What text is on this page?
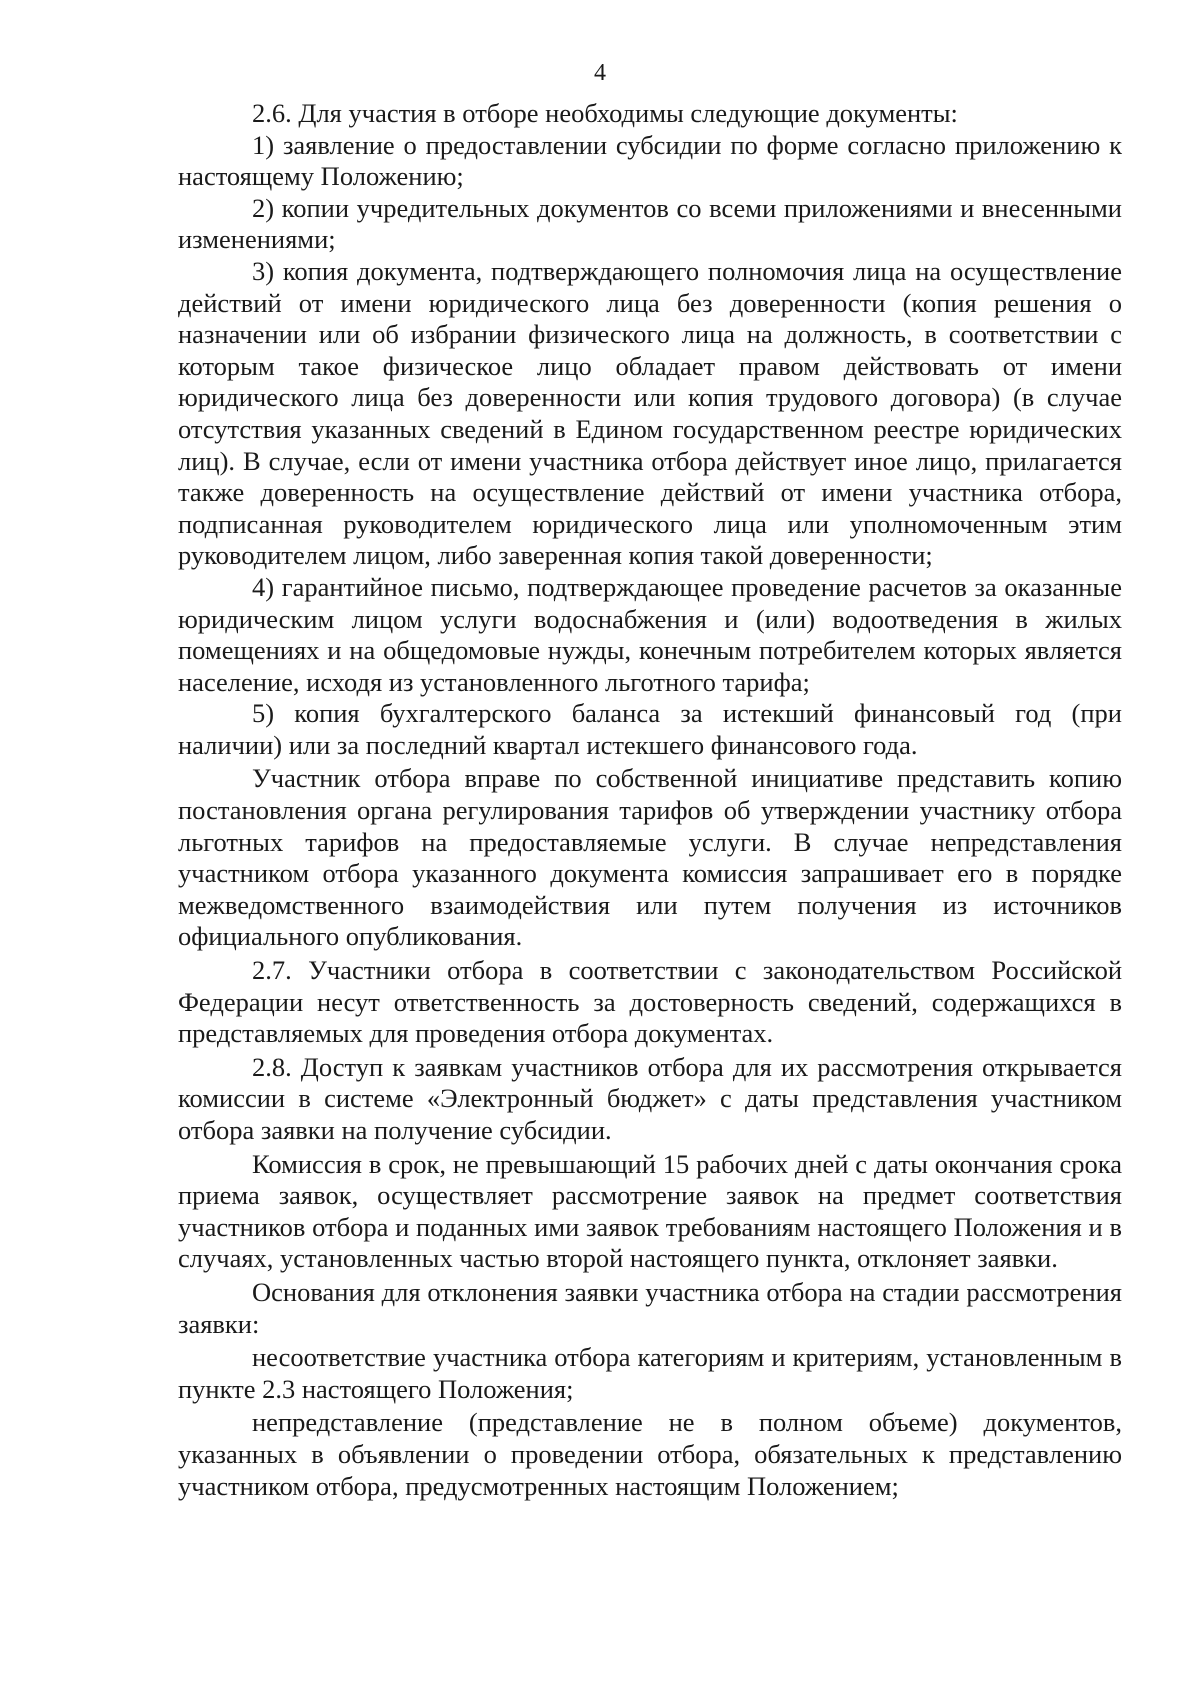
4

2.6. Для участия в отборе необходимы следующие документы:

1) заявление о предоставлении субсидии по форме согласно приложению к настоящему Положению;

2) копии учредительных документов со всеми приложениями и внесенными изменениями;

3) копия документа, подтверждающего полномочия лица на осуществление действий от имени юридического лица без доверенности (копия решения о назначении или об избрании физического лица на должность, в соответствии с которым такое физическое лицо обладает правом действовать от имени юридического лица без доверенности или копия трудового договора) (в случае отсутствия указанных сведений в Едином государственном реестре юридических лиц). В случае, если от имени участника отбора действует иное лицо, прилагается также доверенность на осуществление действий от имени участника отбора, подписанная руководителем юридического лица или уполномоченным этим руководителем лицом, либо заверенная копия такой доверенности;

4) гарантийное письмо, подтверждающее проведение расчетов за оказанные юридическим лицом услуги водоснабжения и (или) водоотведения в жилых помещениях и на общедомовые нужды, конечным потребителем которых является население, исходя из установленного льготного тарифа;

5) копия бухгалтерского баланса за истекший финансовый год (при наличии) или за последний квартал истекшего финансового года.

Участник отбора вправе по собственной инициативе представить копию постановления органа регулирования тарифов об утверждении участнику отбора льготных тарифов на предоставляемые услуги. В случае непредставления участником отбора указанного документа комиссия запрашивает его в порядке межведомственного взаимодействия или путем получения из источников официального опубликования.

2.7. Участники отбора в соответствии с законодательством Российской Федерации несут ответственность за достоверность сведений, содержащихся в представляемых для проведения отбора документах.

2.8. Доступ к заявкам участников отбора для их рассмотрения открывается комиссии в системе «Электронный бюджет» с даты представления участником отбора заявки на получение субсидии.

Комиссия в срок, не превышающий 15 рабочих дней с даты окончания срока приема заявок, осуществляет рассмотрение заявок на предмет соответствия участников отбора и поданных ими заявок требованиям настоящего Положения и в случаях, установленных частью второй настоящего пункта, отклоняет заявки.

Основания для отклонения заявки участника отбора на стадии рассмотрения заявки:

несоответствие участника отбора категориям и критериям, установленным в пункте 2.3 настоящего Положения;

непредставление (представление не в полном объеме) документов, указанных в объявлении о проведении отбора, обязательных к представлению участником отбора, предусмотренных настоящим Положением;
